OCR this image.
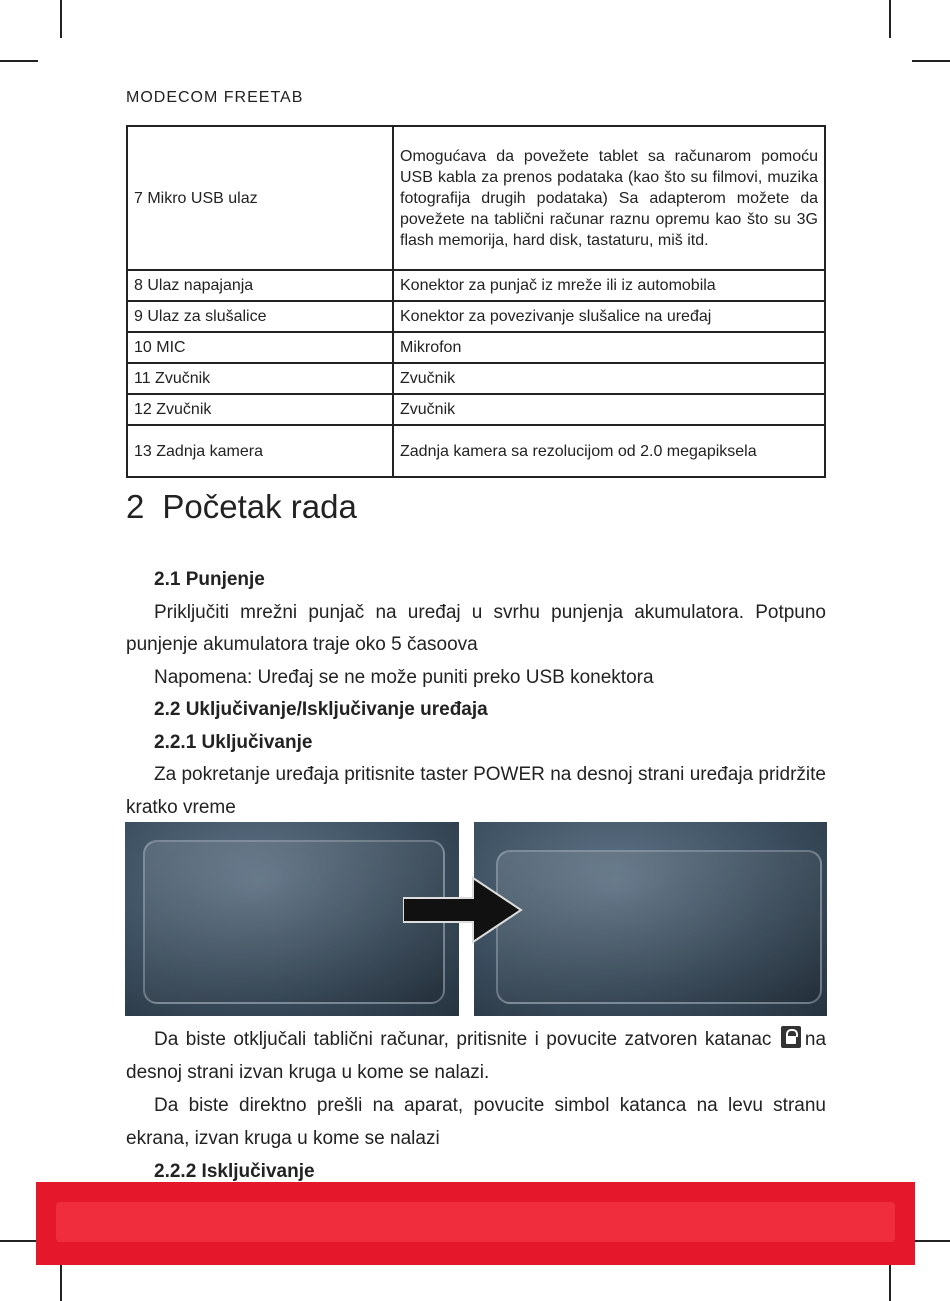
MODECOM FREETAB
7 Mikro USB ulaz	Omogućava da povežete tablet sa računarom pomoću USB kabla za prenos podataka (kao što su filmovi, muzika fotografija drugih podataka) Sa adapterom možete da povežete na tablični računar raznu opremu kao što su 3G flash memorija, hard disk, tastaturu, miš itd.
8 Ulaz napajanja	Konektor za punjač iz mreže ili iz automobila
9 Ulaz za slušalice	Konektor za povezivanje slušalice na uređaj
10 MIC	Mikrofon
11 Zvučnik	Zvučnik
12 Zvučnik	Zvučnik
13 Zadnja kamera	Zadnja kamera sa rezolucijom od 2.0 megapiksela
2 Početak rada

2.1 Punjenje

Priključiti mrežni punjač na uređaj u svrhu punjenja akumulatora. Potpuno punjenje akumulatora traje oko 5 časoova

Napomena: Uređaj se ne može puniti preko USB konektora

2.2 Uključivanje/Isključivanje uređaja

2.2.1 Uključivanje

Za pokretanje uređaja pritisnite taster POWER na desnoj strani uređaja pridržite kratko vreme

Da biste otključali tablični računar, pritisnite i povucite zatvoren katanac na desnoj strani izvan kruga u kome se nalazi.

Da biste direktno prešli na aparat, povucite simbol katanca na levu stranu ekrana, izvan kruga u kome se nalazi

2.2.2 Isključivanje
